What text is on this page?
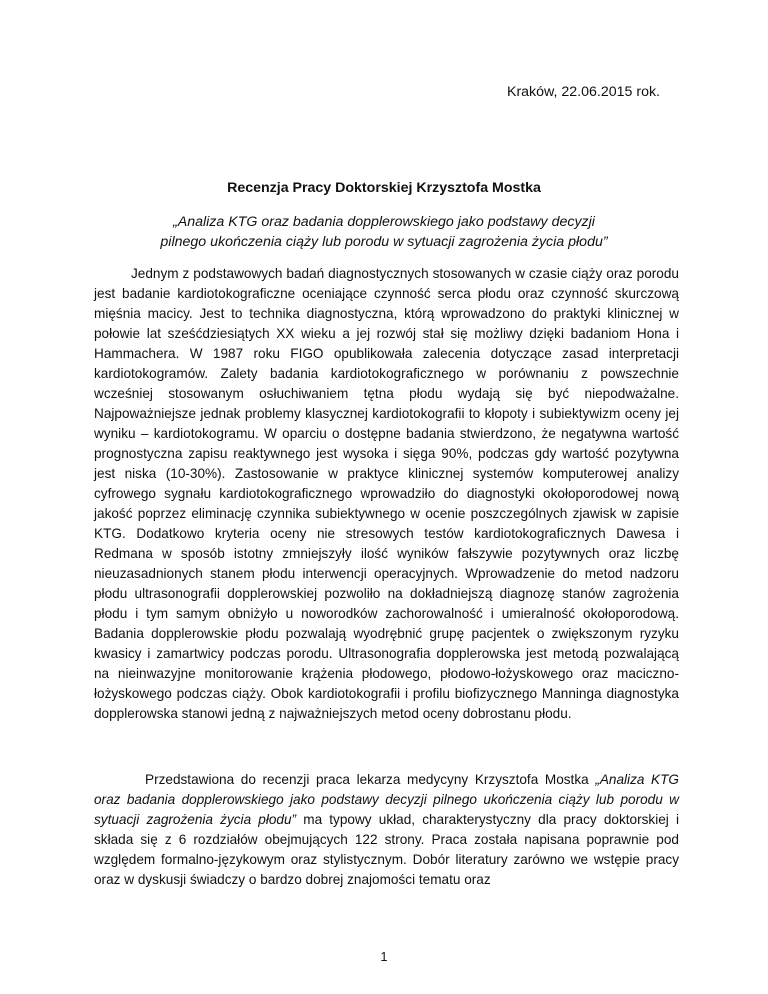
Kraków, 22.06.2015 rok.
Recenzja Pracy Doktorskiej Krzysztofa Mostka
„Analiza KTG oraz badania dopplerowskiego jako podstawy decyzji pilnego ukończenia ciąży lub porodu w sytuacji zagrożenia życia płodu”

Jednym z podstawowych badań diagnostycznych stosowanych w czasie ciąży oraz porodu jest badanie kardiotokograficzne oceniające czynność serca płodu oraz czynność skurczową mięśnia macicy. Jest to technika diagnostyczna, którą wprowadzono do praktyki klinicznej w połowie lat sześćdziesiątych XX wieku a jej rozwój stał się możliwy dzięki badaniom Hona i Hammachera. W 1987 roku FIGO opublikowała zalecenia dotyczące zasad interpretacji kardiotokogramów. Zalety badania kardiotokograficznego w porównaniu z powszechnie wcześniej stosowanym osłuchiwaniem tętna płodu wydają się być niepodważalne. Najpoważniejsze jednak problemy klasycznej kardiotokografii to kłopoty i subiektywizm oceny jej wyniku – kardiotokogramu. W oparciu o dostępne badania stwierdzono, że negatywna wartość prognostyczna zapisu reaktywnego jest wysoka i sięga 90%, podczas gdy wartość pozytywna jest niska (10-30%). Zastosowanie w praktyce klinicznej systemów komputerowej analizy cyfrowego sygnału kardiotokograficznego wprowadziło do diagnostyki okołoporodowej nową jakość poprzez eliminację czynnika subiektywnego w ocenie poszczególnych zjawisk w zapisie KTG. Dodatkowo kryteria oceny nie stresowych testów kardiotokograficznych Dawesa i Redmana w sposób istotny zmniejszyły ilość wyników fałszywie pozytywnych oraz liczbę nieuzasadnionych stanem płodu interwencji operacyjnych. Wprowadzenie do metod nadzoru płodu ultrasonografii dopplerowskiej pozwoliło na dokładniejszą diagnozę stanów zagrożenia płodu i tym samym obniżyło u noworodków zachorowalność i umieralność okołoporodową. Badania dopplerowskie płodu pozwalają wyodrębnić grupę pacjentek o zwiększonym ryzyku kwasicy i zamartwicy podczas porodu. Ultrasonografia dopplerowska jest metodą pozwalającą na nieinwazyjne monitorowanie krążenia płodowego, płodowo-łożyskowego oraz maciczno-łożyskowego podczas ciąży. Obok kardiotokografii i profilu biofizycznego Manninga diagnostyka dopplerowska stanowi jedną z najważniejszych metod oceny dobrostanu płodu.

Przedstawiona do recenzji praca lekarza medycyny Krzysztofa Mostka „Analiza KTG oraz badania dopplerowskiego jako podstawy decyzji pilnego ukończenia ciąży lub porodu w sytuacji zagrożenia życia płodu” ma typowy układ, charakterystyczny dla pracy doktorskiej i składa się z 6 rozdziałów obejmujących 122 strony. Praca została napisana poprawnie pod względem formalno-językowym oraz stylistycznym. Dobór literatury zarówno we wstępie pracy oraz w dyskusji świadczy o bardzo dobrej znajomości tematu oraz

1
